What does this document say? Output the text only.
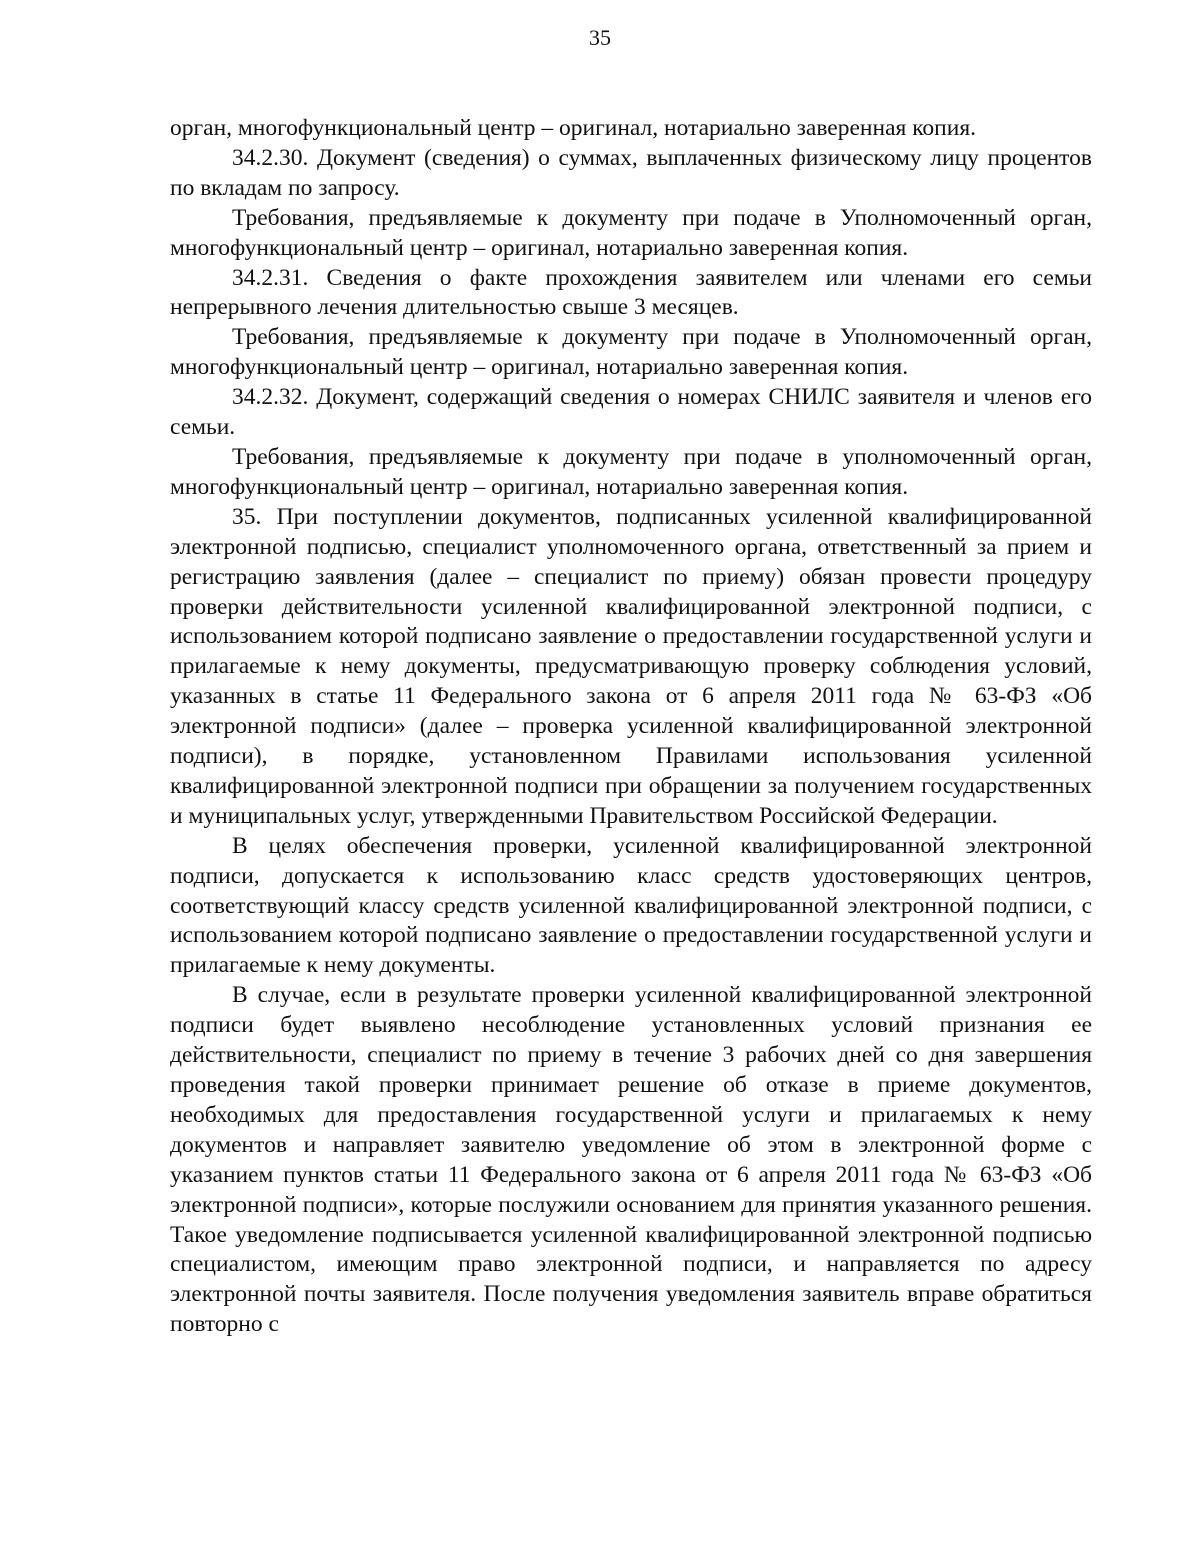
35

орган, многофункциональный центр – оригинал, нотариально заверенная копия.

34.2.30. Документ (сведения) о суммах, выплаченных физическому лицу процентов по вкладам по запросу.

Требования, предъявляемые к документу при подаче в Уполномоченный орган, многофункциональный центр – оригинал, нотариально заверенная копия.

34.2.31. Сведения о факте прохождения заявителем или членами его семьи непрерывного лечения длительностью свыше 3 месяцев.

Требования, предъявляемые к документу при подаче в Уполномоченный орган, многофункциональный центр – оригинал, нотариально заверенная копия.

34.2.32. Документ, содержащий сведения о номерах СНИЛС заявителя и членов его семьи.

Требования, предъявляемые к документу при подаче в уполномоченный орган, многофункциональный центр – оригинал, нотариально заверенная копия.

35. При поступлении документов, подписанных усиленной квалифицированной электронной подписью, специалист уполномоченного органа, ответственный за прием и регистрацию заявления (далее – специалист по приему) обязан провести процедуру проверки действительности усиленной квалифицированной электронной подписи, с использованием которой подписано заявление о предоставлении государственной услуги и прилагаемые к нему документы, предусматривающую проверку соблюдения условий, указанных в статье 11 Федерального закона от 6 апреля 2011 года № 63-ФЗ «Об электронной подписи» (далее – проверка усиленной квалифицированной электронной подписи), в порядке, установленном Правилами использования усиленной квалифицированной электронной подписи при обращении за получением государственных и муниципальных услуг, утвержденными Правительством Российской Федерации.

В целях обеспечения проверки, усиленной квалифицированной электронной подписи, допускается к использованию класс средств удостоверяющих центров, соответствующий классу средств усиленной квалифицированной электронной подписи, с использованием которой подписано заявление о предоставлении государственной услуги и прилагаемые к нему документы.

В случае, если в результате проверки усиленной квалифицированной электронной подписи будет выявлено несоблюдение установленных условий признания ее действительности, специалист по приему в течение 3 рабочих дней со дня завершения проведения такой проверки принимает решение об отказе в приеме документов, необходимых для предоставления государственной услуги и прилагаемых к нему документов и направляет заявителю уведомление об этом в электронной форме с указанием пунктов статьи 11 Федерального закона от 6 апреля 2011 года № 63-ФЗ «Об электронной подписи», которые послужили основанием для принятия указанного решения. Такое уведомление подписывается усиленной квалифицированной электронной подписью специалистом, имеющим право электронной подписи, и направляется по адресу электронной почты заявителя. После получения уведомления заявитель вправе обратиться повторно с
